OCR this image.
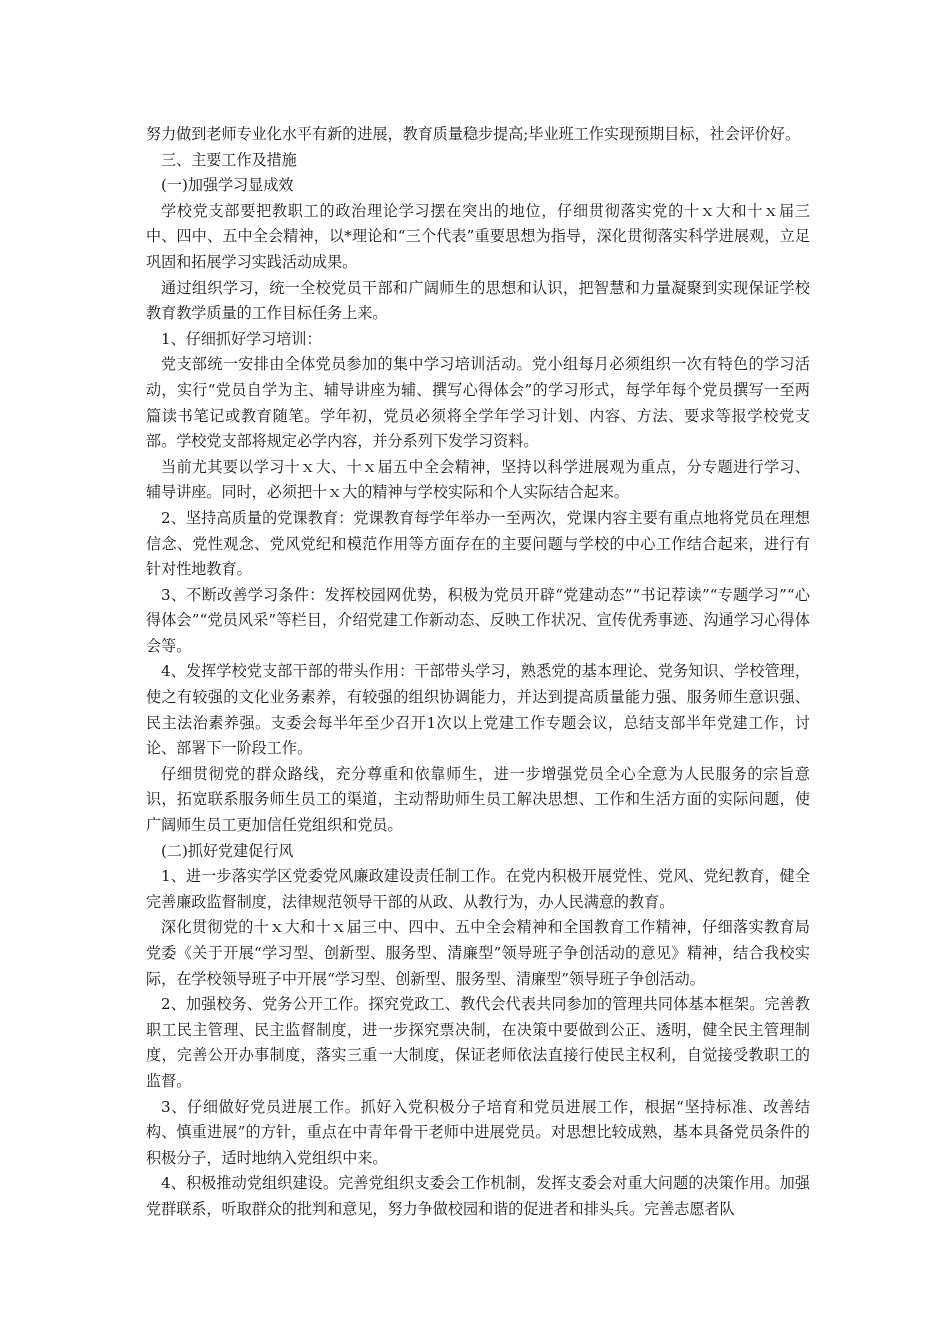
努力做到老师专业化水平有新的进展，教育质量稳步提高;毕业班工作实现预期目标，社会评价好。

三、主要工作及措施

(一)加强学习显成效

学校党支部要把教职工的政治理论学习摆在突出的地位，仔细贯彻落实党的十ｘ大和十ｘ届三中、四中、五中全会精神，以*理论和“三个代表”重要思想为指导，深化贯彻落实科学进展观，立足巩固和拓展学习实践活动成果。

通过组织学习，统一全校党员干部和广阔师生的思想和认识，把智慧和力量凝聚到实现保证学校教育教学质量的工作目标任务上来。

1、仔细抓好学习培训：

党支部统一安排由全体党员参加的集中学习培训活动。党小组每月必须组织一次有特色的学习活动，实行“党员自学为主、辅导讲座为辅、撰写心得体会”的学习形式，每学年每个党员撰写一至两篇读书笔记或教育随笔。学年初，党员必须将全学年学习计划、内容、方法、要求等报学校党支部。学校党支部将规定必学内容，并分系列下发学习资料。

当前尤其要以学习十ｘ大、十ｘ届五中全会精神，坚持以科学进展观为重点，分专题进行学习、辅导讲座。同时，必须把十ｘ大的精神与学校实际和个人实际结合起来。

2、坚持高质量的党课教育：党课教育每学年举办一至两次，党课内容主要有重点地将党员在理想信念、党性观念、党风党纪和模范作用等方面存在的主要问题与学校的中心工作结合起来，进行有针对性地教育。

3、不断改善学习条件：发挥校园网优势，积极为党员开辟“党建动态”“书记荐读”“专题学习”“心得体会”“党员风采”等栏目，介绍党建工作新动态、反映工作状况、宣传优秀事迹、沟通学习心得体会等。

4、发挥学校党支部干部的带头作用：干部带头学习，熟悉党的基本理论、党务知识、学校管理，使之有较强的文化业务素养，有较强的组织协调能力，并达到提高质量能力强、服务师生意识强、民主法治素养强。支委会每半年至少召开1次以上党建工作专题会议，总结支部半年党建工作，讨论、部署下一阶段工作。

仔细贯彻党的群众路线，充分尊重和依靠师生，进一步增强党员全心全意为人民服务的宗旨意识，拓宽联系服务师生员工的渠道，主动帮助师生员工解决思想、工作和生活方面的实际问题，使广阔师生员工更加信任党组织和党员。

(二)抓好党建促行风

1、进一步落实学区党委党风廉政建设责任制工作。在党内积极开展党性、党风、党纪教育，健全完善廉政监督制度，法律规范领导干部的从政、从教行为，办人民满意的教育。

深化贯彻党的十ｘ大和十ｘ届三中、四中、五中全会精神和全国教育工作精神，仔细落实教育局党委《关于开展“学习型、创新型、服务型、清廉型”领导班子争创活动的意见》精神，结合我校实际，在学校领导班子中开展“学习型、创新型、服务型、清廉型”领导班子争创活动。

2、加强校务、党务公开工作。探究党政工、教代会代表共同参加的管理共同体基本框架。完善教职工民主管理、民主监督制度，进一步探究票决制，在决策中要做到公正、透明，健全民主管理制度，完善公开办事制度，落实三重一大制度，保证老师依法直接行使民主权利，自觉接受教职工的监督。

3、仔细做好党员进展工作。抓好入党积极分子培育和党员进展工作，根据“坚持标准、改善结构、慎重进展”的方针，重点在中青年骨干老师中进展党员。对思想比较成熟，基本具备党员条件的积极分子，适时地纳入党组织中来。

4、积极推动党组织建设。完善党组织支委会工作机制，发挥支委会对重大问题的决策作用。加强党群联系，听取群众的批判和意见，努力争做校园和谐的促进者和排头兵。完善志愿者队
